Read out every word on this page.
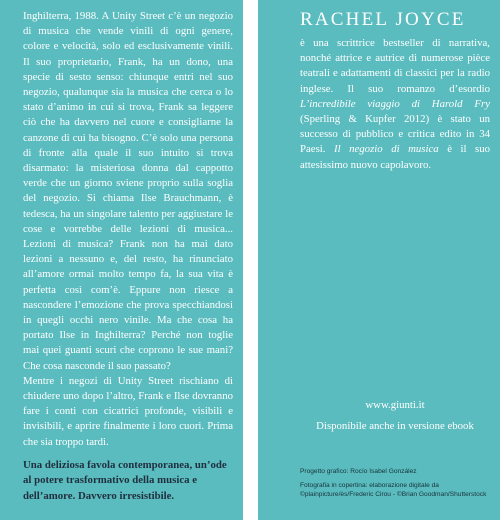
Inghilterra, 1988. A Unity Street c’è un negozio di musica che vende vinili di ogni genere, colore e velocità, solo ed esclusivamente vinili. Il suo proprietario, Frank, ha un dono, una specie di sesto senso: chiunque entri nel suo negozio, qualunque sia la musica che cerca o lo stato d’animo in cui si trova, Frank sa leggere ciò che ha davvero nel cuore e consigliarne la canzone di cui ha bisogno. C’è solo una persona di fronte alla quale il suo intuito si trova disarmato: la misteriosa donna dal cappotto verde che un giorno sviene proprio sulla soglia del negozio. Si chiama Ilse Brauchmann, è tedesca, ha un singolare talento per aggiustare le cose e vorrebbe delle lezioni di musica... Lezioni di musica? Frank non ha mai dato lezioni a nessuno e, del resto, ha rinunciato all’amore ormai molto tempo fa, la sua vita è perfetta così com’è. Eppure non riesce a nascondere l’emozione che prova specchiandosi in quegli occhi nero vinile. Ma che cosa ha portato Ilse in Inghilterra? Perché non toglie mai quei guanti scuri che coprono le sue mani? Che cosa nasconde il suo passato?

Mentre i negozi di Unity Street rischiano di chiudere uno dopo l’altro, Frank e Ilse dovranno fare i conti con cicatrici profonde, visibili e invisibili, e aprire finalmente i loro cuori. Prima che sia troppo tardi.

Una deliziosa favola contemporanea, un’ode al potere trasformativo della musica e dell’amore. Davvero irresistibile.

RACHEL JOYCE

è una scrittrice bestseller di narrativa, nonché attrice e autrice di numerose pièce teatrali e adattamenti di classici per la radio inglese. Il suo romanzo d’esordio L’incredibile viaggio di Harold Fry (Sperling & Kupfer 2012) è stato un successo di pubblico e critica edito in 34 Paesi. Il negozio di musica è il suo attesissimo nuovo capolavoro.

www.giunti.it

Disponibile anche in versione ebook

Progetto grafico: Rocío Isabel González

Fotografia in copertina: elaborazione digitale da
©plainpicture/ès/Frederic Cirou - ©Brian Goodman/Shutterstock
